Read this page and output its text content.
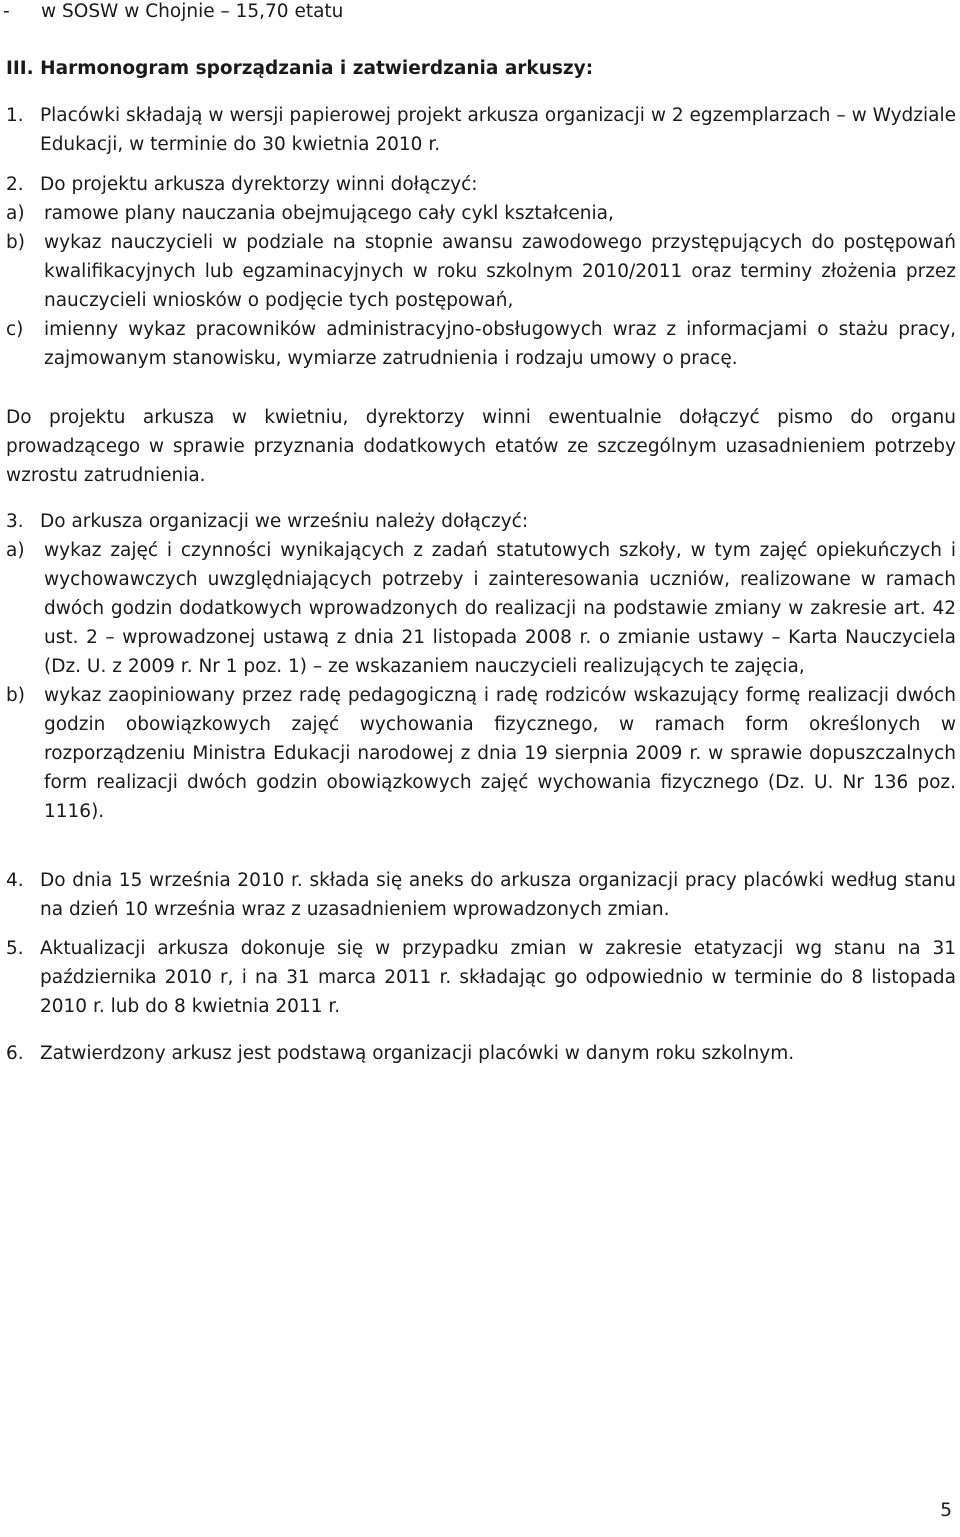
- w SOSW w Chojnie – 15,70 etatu
III. Harmonogram sporządzania i zatwierdzania arkuszy:
1. Placówki składają w wersji papierowej projekt arkusza organizacji w 2 egzemplarzach – w Wydziale Edukacji, w terminie do 30 kwietnia 2010 r.
2. Do projektu arkusza dyrektorzy winni dołączyć:
a)	ramowe plany nauczania obejmującego cały cykl kształcenia,
b)	wykaz nauczycieli w podziale na stopnie awansu zawodowego przystępujących do postępowań kwalifikacyjnych lub egzaminacyjnych w roku szkolnym 2010/2011 oraz terminy złożenia przez nauczycieli wniosków o podjęcie tych postępowań,
c)	imienny wykaz pracowników administracyjno-obsługowych wraz z informacjami o stażu pracy, zajmowanym stanowisku, wymiarze zatrudnienia i rodzaju umowy o pracę.
Do projektu arkusza w kwietniu, dyrektorzy winni ewentualnie dołączyć pismo do organu prowadzącego w sprawie przyznania dodatkowych etatów ze szczególnym uzasadnieniem potrzeby wzrostu zatrudnienia.
3. Do arkusza organizacji we wrześniu należy dołączyć:
a)	wykaz zajęć i czynności wynikających z zadań statutowych szkoły, w tym zajęć opiekuńczych i wychowawczych uwzględniających potrzeby i zainteresowania uczniów, realizowane w ramach dwóch godzin dodatkowych wprowadzonych do realizacji na podstawie zmiany w zakresie art. 42 ust. 2 – wprowadzonej ustawą z dnia 21 listopada 2008 r. o zmianie ustawy – Karta Nauczyciela (Dz. U. z 2009 r. Nr 1 poz. 1) – ze wskazaniem nauczycieli realizujących te zajęcia,
b)	wykaz zaopiniowany przez radę pedagogiczną i radę rodziców wskazujący formę realizacji dwóch godzin obowiązkowych zajęć wychowania fizycznego, w ramach form określonych w rozporządzeniu Ministra Edukacji narodowej z dnia 19 sierpnia 2009 r. w sprawie dopuszczalnych form realizacji dwóch godzin obowiązkowych zajęć wychowania fizycznego (Dz. U. Nr 136 poz. 1116).
4. Do dnia 15 września 2010 r. składa się aneks do arkusza organizacji pracy placówki według stanu na dzień 10 września wraz z uzasadnieniem wprowadzonych zmian.
5. Aktualizacji arkusza dokonuje się w przypadku zmian w zakresie etatyzacji wg stanu na 31 października 2010 r, i na 31 marca 2011 r. składając go odpowiednio w terminie do 8 listopada 2010 r. lub do 8 kwietnia 2011 r.
6. Zatwierdzony arkusz jest podstawą organizacji placówki w danym roku szkolnym.
5
